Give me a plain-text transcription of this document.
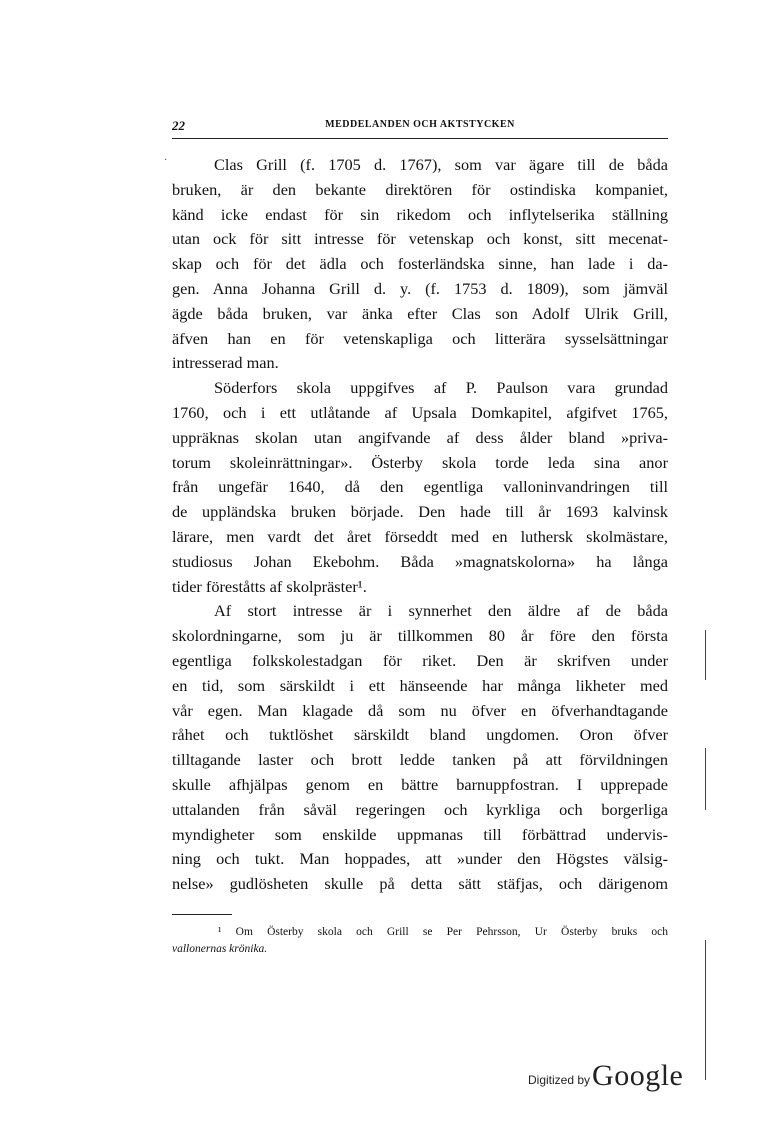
22	MEDDELANDEN OCH AKTSTYCKEN
·	Clas Grill (f. 1705 d. 1767), som var ägare till de båda
bruken, är den bekante direktören för ostindiska kompaniet,
känd icke endast för sin rikedom och inflytelserika ställning
utan ock för sitt intresse för vetenskap och konst, sitt mecenat-
skap och för det ädla och fosterländska sinne, han lade i da-
gen. Anna Johanna Grill d. y. (f. 1753 d. 1809), som jämväl
ägde båda bruken, var änka efter Clas son Adolf Ulrik Grill,
äfven han en för vetenskapliga och litterära sysselsättningar
intresserad man.
Söderfors skola uppgifves af P. Paulson vara grundad
1760, och i ett utlåtande af Upsala Domkapitel, afgifvet 1765,
uppräknas skolan utan angifvande af dess ålder bland »priva-
torum skoleinrättningar». Österby skola torde leda sina anor
från ungefär 1640, då den egentliga valloninvandringen till
de uppländska bruken började. Den hade till år 1693 kalvinsk
lärare, men vardt det året förseddt med en luthersk skolmästare,
studiosus Johan Ekebohm. Båda »magnatskolorna» ha långa
tider föreståtts af skolpräster¹.
Af stort intresse är i synnerhet den äldre af de båda
skolordningarne, som ju är tillkommen 80 år före den första
egentliga folkskolestadgan för riket. Den är skrifven under
en tid, som särskildt i ett hänseende har många likheter med
vår egen. Man klagade då som nu öfver en öfverhandtagande
råhet och tuktlöshet särskildt bland ungdomen. Oron öfver
tilltagande laster och brott ledde tanken på att förvildningen
skulle afhjälpas genom en bättre barnuppfostran. I upprepade
uttalanden från såväl regeringen och kyrkliga och borgerliga
myndigheter som enskilde uppmanas till förbättrad undervis-
ning och tukt. Man hoppades, att »under den Högstes välsig-
nelse» gudlösheten skulle på detta sätt stäfjas, och därigenom
¹ Om Österby skola och Grill se Per Pehrsson, Ur Österby bruks och
vallonernas krönika.
Digitized by Google
